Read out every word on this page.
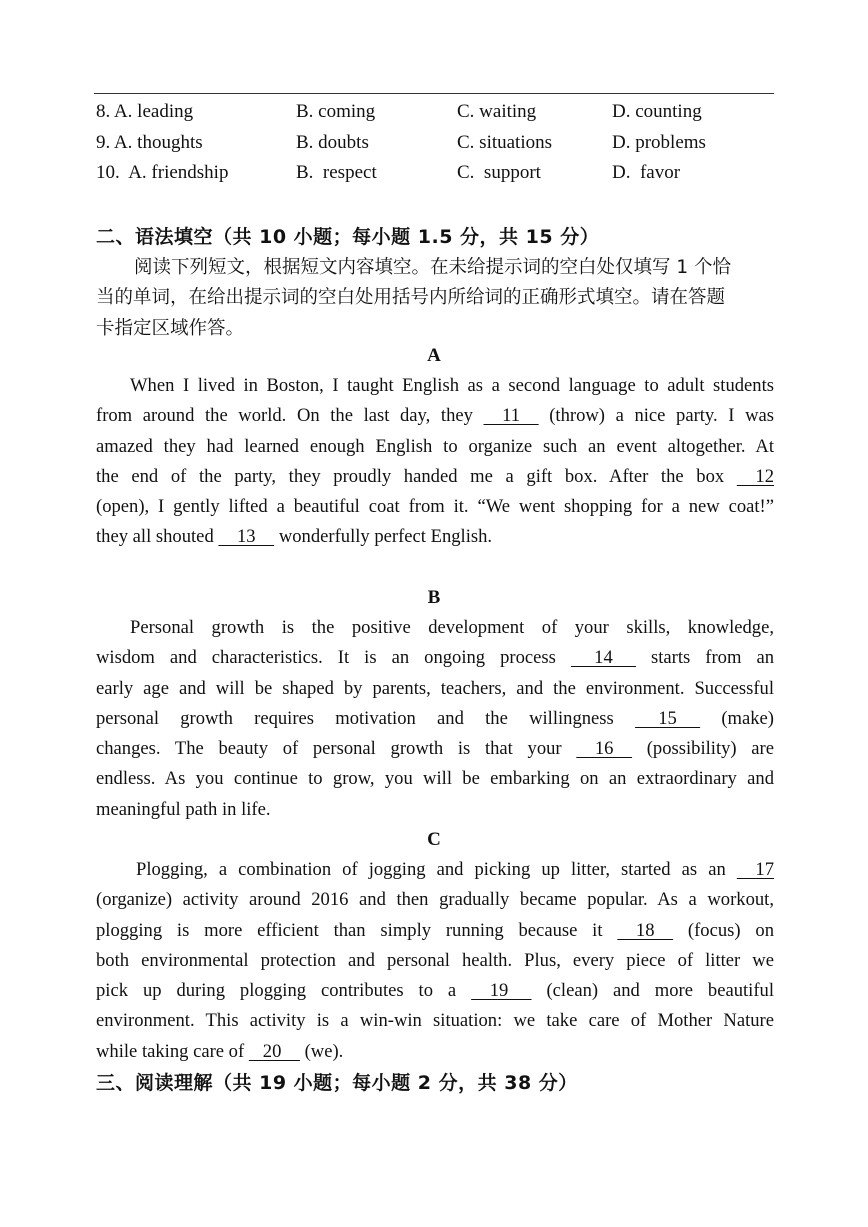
8. A. leading	B. coming	C. waiting	D. counting
9. A. thoughts	B. doubts	C. situations	D. problems
10.  A. friendship	B.  respect	C.  support	D.  favor
二、语法填空（共 10 小题；每小题 1.5 分，共 15 分）
阅读下列短文，根据短文内容填空。在未给提示词的空白处仅填写 1 个恰
当的单词，在给出提示词的空白处用括号内所给词的正确形式填空。请在答题
卡指定区域作答。
A
When I lived in Boston, I taught English as a second language to adult students
from around the world. On the last day, they     11     (throw) a nice party. I was
amazed they had learned enough English to organize such an event altogether. At
the end of the party, they proudly handed me a gift box. After the box     12
(open), I gently lifted a beautiful coat from it. “We went shopping for a new coat!”
they all shouted     13     wonderfully perfect English.
B
Personal growth is the positive development of your skills, knowledge,
wisdom and characteristics. It is an ongoing process      14      starts from an
early age and will be shaped by parents, teachers, and the environment. Successful
personal growth requires motivation and the willingness      15      (make)
changes. The beauty of personal growth is that your     16     (possibility) are
endless. As you continue to grow, you will be embarking on an extraordinary and
meaningful path in life.
C
Plogging, a combination of jogging and picking up litter, started as an     17
(organize) activity around 2016 and then gradually became popular. As a workout,
plogging is more efficient than simply running because it     18     (focus) on
both environmental protection and personal health. Plus, every piece of litter we
pick up during plogging contributes to a     19      (clean) and more beautiful
environment. This activity is a win-win situation: we take care of Mother Nature
while taking care of    20     (we).
三、阅读理解（共 19 小题；每小题 2 分，共 38 分）
